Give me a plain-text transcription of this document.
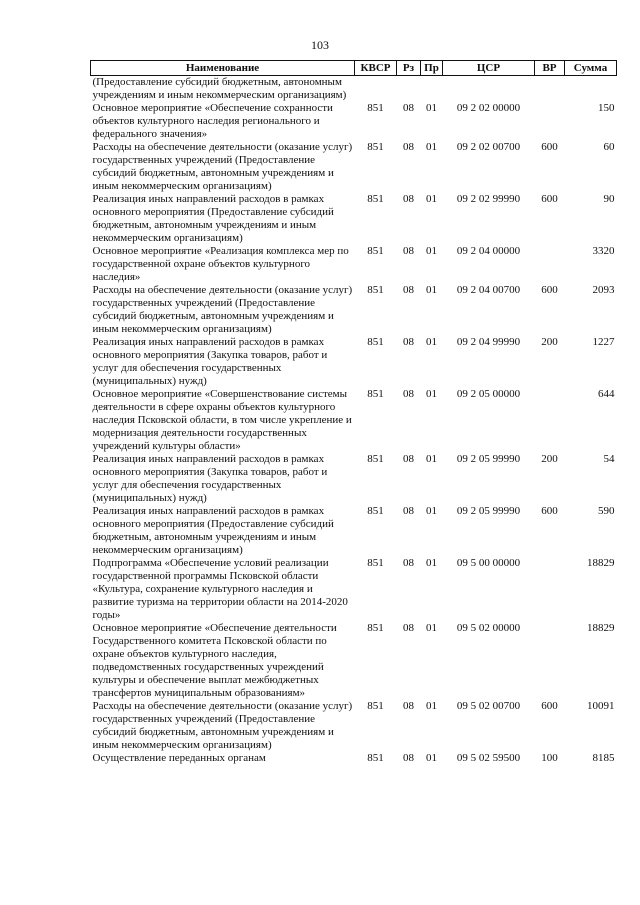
103
Наименование	КВСР	Рз	Пр	ЦСР	ВР	Сумма
(Предоставление субсидий бюджетным, автономным учреждениям и иным некоммерческим организациям)						
Основное мероприятие «Обеспечение сохранности объектов культурного наследия регионального и федерального значения»	851	08	01	09 2 02 00000		150
Расходы на обеспечение деятельности (оказание услуг) государственных учреждений (Предоставление субсидий бюджетным, автономным учреждениям и иным некоммерческим организациям)	851	08	01	09 2 02 00700	600	60
Реализация иных направлений расходов в рамках основного мероприятия (Предоставление субсидий бюджетным, автономным учреждениям и иным некоммерческим организациям)	851	08	01	09 2 02 99990	600	90
Основное мероприятие «Реализация комплекса мер по государственной охране объектов культурного наследия»	851	08	01	09 2 04 00000		3320
Расходы на обеспечение деятельности (оказание услуг) государственных учреждений (Предоставление субсидий бюджетным, автономным учреждениям и иным некоммерческим организациям)	851	08	01	09 2 04 00700	600	2093
Реализация иных направлений расходов в рамках основного мероприятия (Закупка товаров, работ и услуг для обеспечения государственных (муниципальных) нужд)	851	08	01	09 2 04 99990	200	1227
Основное мероприятие «Совершенствование системы деятельности в сфере охраны объектов культурного наследия Псковской области, в том числе укрепление и модернизация деятельности государственных учреждений культуры области»	851	08	01	09 2 05 00000		644
Реализация иных направлений расходов в рамках основного мероприятия (Закупка товаров, работ и услуг для обеспечения государственных (муниципальных) нужд)	851	08	01	09 2 05 99990	200	54
Реализация иных направлений расходов в рамках основного мероприятия (Предоставление субсидий бюджетным, автономным учреждениям и иным некоммерческим организациям)	851	08	01	09 2 05 99990	600	590
Подпрограмма «Обеспечение условий реализации государственной программы Псковской области «Культура, сохранение культурного наследия и развитие туризма на территории области на 2014-2020 годы»	851	08	01	09 5 00 00000		18829
Основное мероприятие «Обеспечение деятельности Государственного комитета Псковской области по охране объектов культурного наследия, подведомственных государственных учреждений культуры и обеспечение выплат межбюджетных трансфертов муниципальным образованиям»	851	08	01	09 5 02 00000		18829
Расходы на обеспечение деятельности (оказание услуг) государственных учреждений (Предоставление субсидий бюджетным, автономным учреждениям и иным некоммерческим организациям)	851	08	01	09 5 02 00700	600	10091
Осуществление переданных органам	851	08	01	09 5 02 59500	100	8185
